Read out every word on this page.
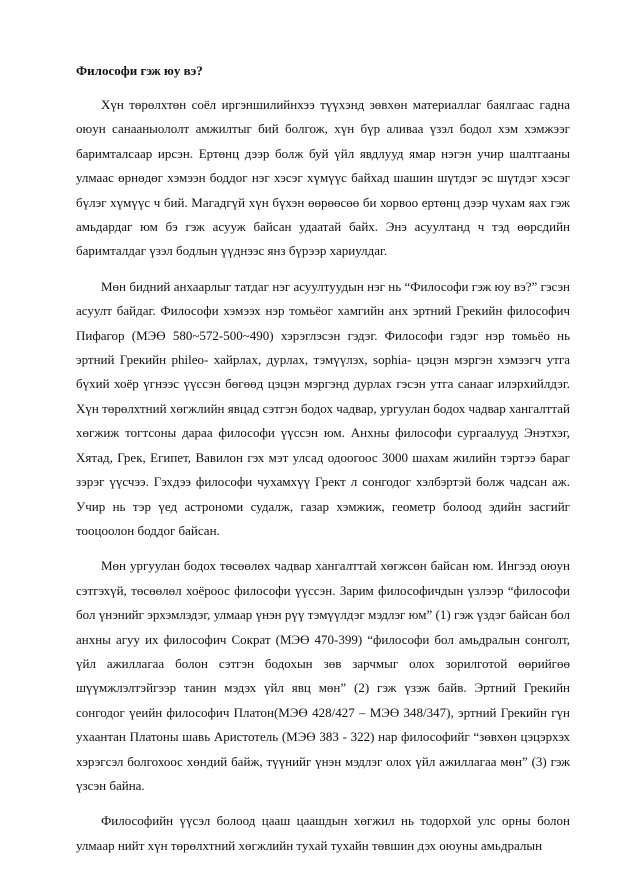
Философи гэж юу вэ?

Хүн төрөлхтөн соёл иргэншилийнхээ түүхэнд зөвхөн материаллаг баялгаас гадна оюун санааныололт амжилтыг бий болгож, хүн бүр аливаа үзэл бодол хэм хэмжээг баримталсаар ирсэн. Ертөнц дээр болж буй үйл явдлууд ямар нэгэн учир шалтгааны улмаас өрнөдөг хэмээн боддог нэг хэсэг хүмүүс байхад шашин шүтдэг эс шүтдэг хэсэг бүлэг хүмүүс ч бий. Магадгүй хүн бүхэн өөрөөсөө би хорвоо ертөнц дээр чухам яах гэж амьдардаг юм бэ гэж асууж байсан удаатай байх. Энэ асуултанд ч тэд өөрсдийн баримталдаг үзэл бодлын үүднээс янз бүрээр хариулдаг.

Мөн бидний анхаарлыг татдаг нэг асуултуудын нэг нь “Философи гэж юу вэ?” гэсэн асуулт байдаг. Философи хэмээх нэр томьёог хамгийн анх эртний Грекийн философич Пифагор (МЭӨ 580~572-500~490) хэрэглэсэн гэдэг. Философи гэдэг нэр томьёо нь эртний Грекийн phileo- хайрлах, дурлах, тэмүүлэх, sophia- цэцэн мэргэн хэмээгч утга бүхий хоёр үгнээс үүссэн бөгөөд цэцэн мэргэнд дурлах гэсэн утга санааг илэрхийлдэг. Хүн төрөлхтний хөгжлийн явцад сэтгэн бодох чадвар, ургуулан бодох чадвар хангалттай хөгжиж тогтсоны дараа философи үүссэн юм. Анхны философи сургаалууд Энэтхэг, Хятад, Грек, Египет, Вавилон гэх мэт улсад одоогоос 3000 шахам жилийн тэртээ бараг зэрэг үүсчээ. Гэхдээ философи чухамхүү Грект л сонгодог хэлбэртэй болж чадсан аж. Учир нь тэр үед астрономи судалж, газар хэмжиж, геометр болоод эдийн засгийг тооцоолон боддог байсан.

Мөн ургуулан бодох төсөөлөх чадвар хангалттай хөгжсөн байсан юм. Ингээд оюун сэтгэхүй, төсөөлөл хоёроос философи үүссэн. Зарим философичдын үзлээр “философи бол үнэнийг эрхэмлэдэг, улмаар үнэн рүү тэмүүлдэг мэдлэг юм” (1) гэж үздэг байсан бол анхны агуу их философич Сократ (МЭӨ 470-399) “философи бол амьдралын сонголт, үйл ажиллагаа болон сэтгэн бодохын зөв зарчмыг олох зорилготой өөрийгөө шүүмжлэлтэйгээр танин мэдэх үйл явц мөн” (2) гэж үзэж байв. Эртний Грекийн сонгодог үеийн философич Платон(МЭӨ 428/427 – МЭӨ 348/347), эртний Грекийн гүн ухаантан Платоны шавь Аристотель (МЭӨ 383 - 322) нар философийг “зөвхөн цэцэрхэх хэрэгсэл болгохоос хөндий байж, түүнийг үнэн мэдлэг олох үйл ажиллагаа мөн” (3) гэж үзсэн байна.

Философийн үүсэл болоод цааш цаашдын хөгжил нь тодорхой улс орны болон улмаар нийт хүн төрөлхтний хөгжлийн тухай тухайн төвшин дэх оюуны амьдралын
